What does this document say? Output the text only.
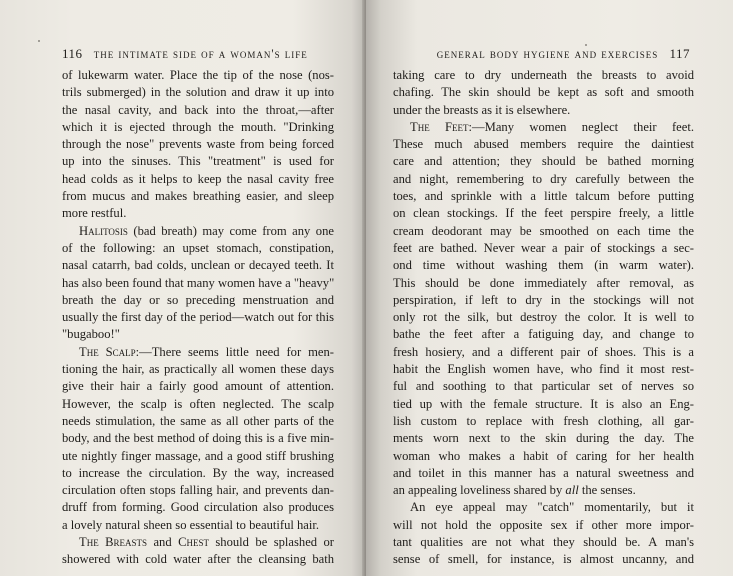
116 the intimate side of a woman's life
of lukewarm water. Place the tip of the nose (nos-
trils submerged) in the solution and draw it up into
the nasal cavity, and back into the throat,—after
which it is ejected through the mouth. "Drinking
through the nose" prevents waste from being forced
up into the sinuses. This "treatment" is used for
head colds as it helps to keep the nasal cavity free
from mucus and makes breathing easier, and sleep
more restful.
Halitosis (bad breath) may come from any one
of the following: an upset stomach, constipation,
nasal catarrh, bad colds, unclean or decayed teeth. It
has also been found that many women have a "heavy"
breath the day or so preceding menstruation and
usually the first day of the period—watch out for this
"bugaboo!"
The Scalp:—There seems little need for men-
tioning the hair, as practically all women these days
give their hair a fairly good amount of attention.
However, the scalp is often neglected. The scalp
needs stimulation, the same as all other parts of the
body, and the best method of doing this is a five min-
ute nightly finger massage, and a good stiff brushing
to increase the circulation. By the way, increased
circulation often stops falling hair, and prevents dan-
druff from forming. Good circulation also produces
a lovely natural sheen so essential to beautiful hair.
The Breasts and Chest should be splashed or
showered with cold water after the cleansing bath
general body hygiene and exercises 117
taking care to dry underneath the breasts to avoid
chafing. The skin should be kept as soft and smooth
under the breasts as it is elsewhere.
The Feet:—Many women neglect their feet.
These much abused members require the daintiest
care and attention; they should be bathed morning
and night, remembering to dry carefully between the
toes, and sprinkle with a little talcum before putting
on clean stockings. If the feet perspire freely, a little
cream deodorant may be smoothed on each time the
feet are bathed. Never wear a pair of stockings a sec-
ond time without washing them (in warm water).
This should be done immediately after removal, as
perspiration, if left to dry in the stockings will not
only rot the silk, but destroy the color. It is well to
bathe the feet after a fatiguing day, and change to
fresh hosiery, and a different pair of shoes. This is a
habit the English women have, who find it most rest-
ful and soothing to that particular set of nerves so
tied up with the female structure. It is also an Eng-
lish custom to replace with fresh clothing, all gar-
ments worn next to the skin during the day. The
woman who makes a habit of caring for her health
and toilet in this manner has a natural sweetness and
an appealing loveliness shared by all the senses.
An eye appeal may "catch" momentarily, but it
will not hold the opposite sex if other more impor-
tant qualities are not what they should be. A man's
sense of smell, for instance, is almost uncanny, and
